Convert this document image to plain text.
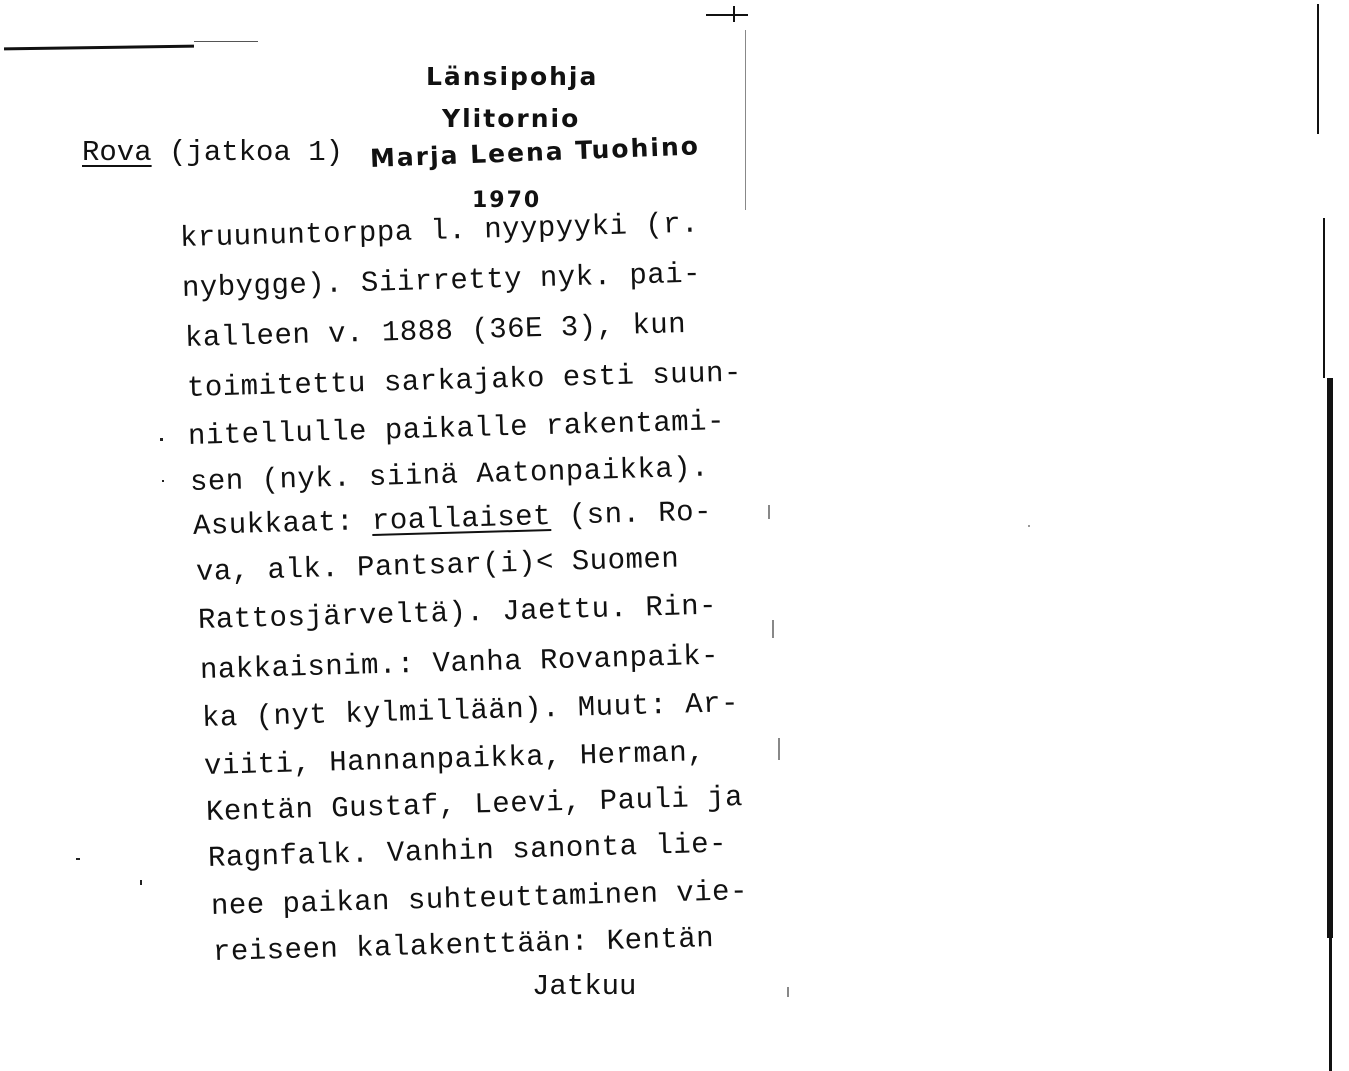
Länsipohja
Ylitornio
Marja Leena Tuohino
1970
Rova (jatkoa 1)
kruununtorppa l. nyypyyki (r.
nybygge). Siirretty nyk. pai-
kalleen v. 1888 (36E 3), kun
toimitettu sarkajako esti suun-
nitellulle paikalle rakentami-
sen (nyk. siinä Aatonpaikka).
Asukkaat: roallaiset (sn. Ro-
va, alk. Pantsar(i)< Suomen
Rattosjärveltä). Jaettu. Rin-
nakkaisnim.: Vanha Rovanpaik-
ka (nyt kylmillään). Muut: Ar-
viiti, Hannanpaikka, Herman,
Kentän Gustaf, Leevi, Pauli ja
Ragnfalk. Vanhin sanonta lie-
nee paikan suhteuttaminen vie-
reiseen kalakenttään: Kentän
Jatkuu
